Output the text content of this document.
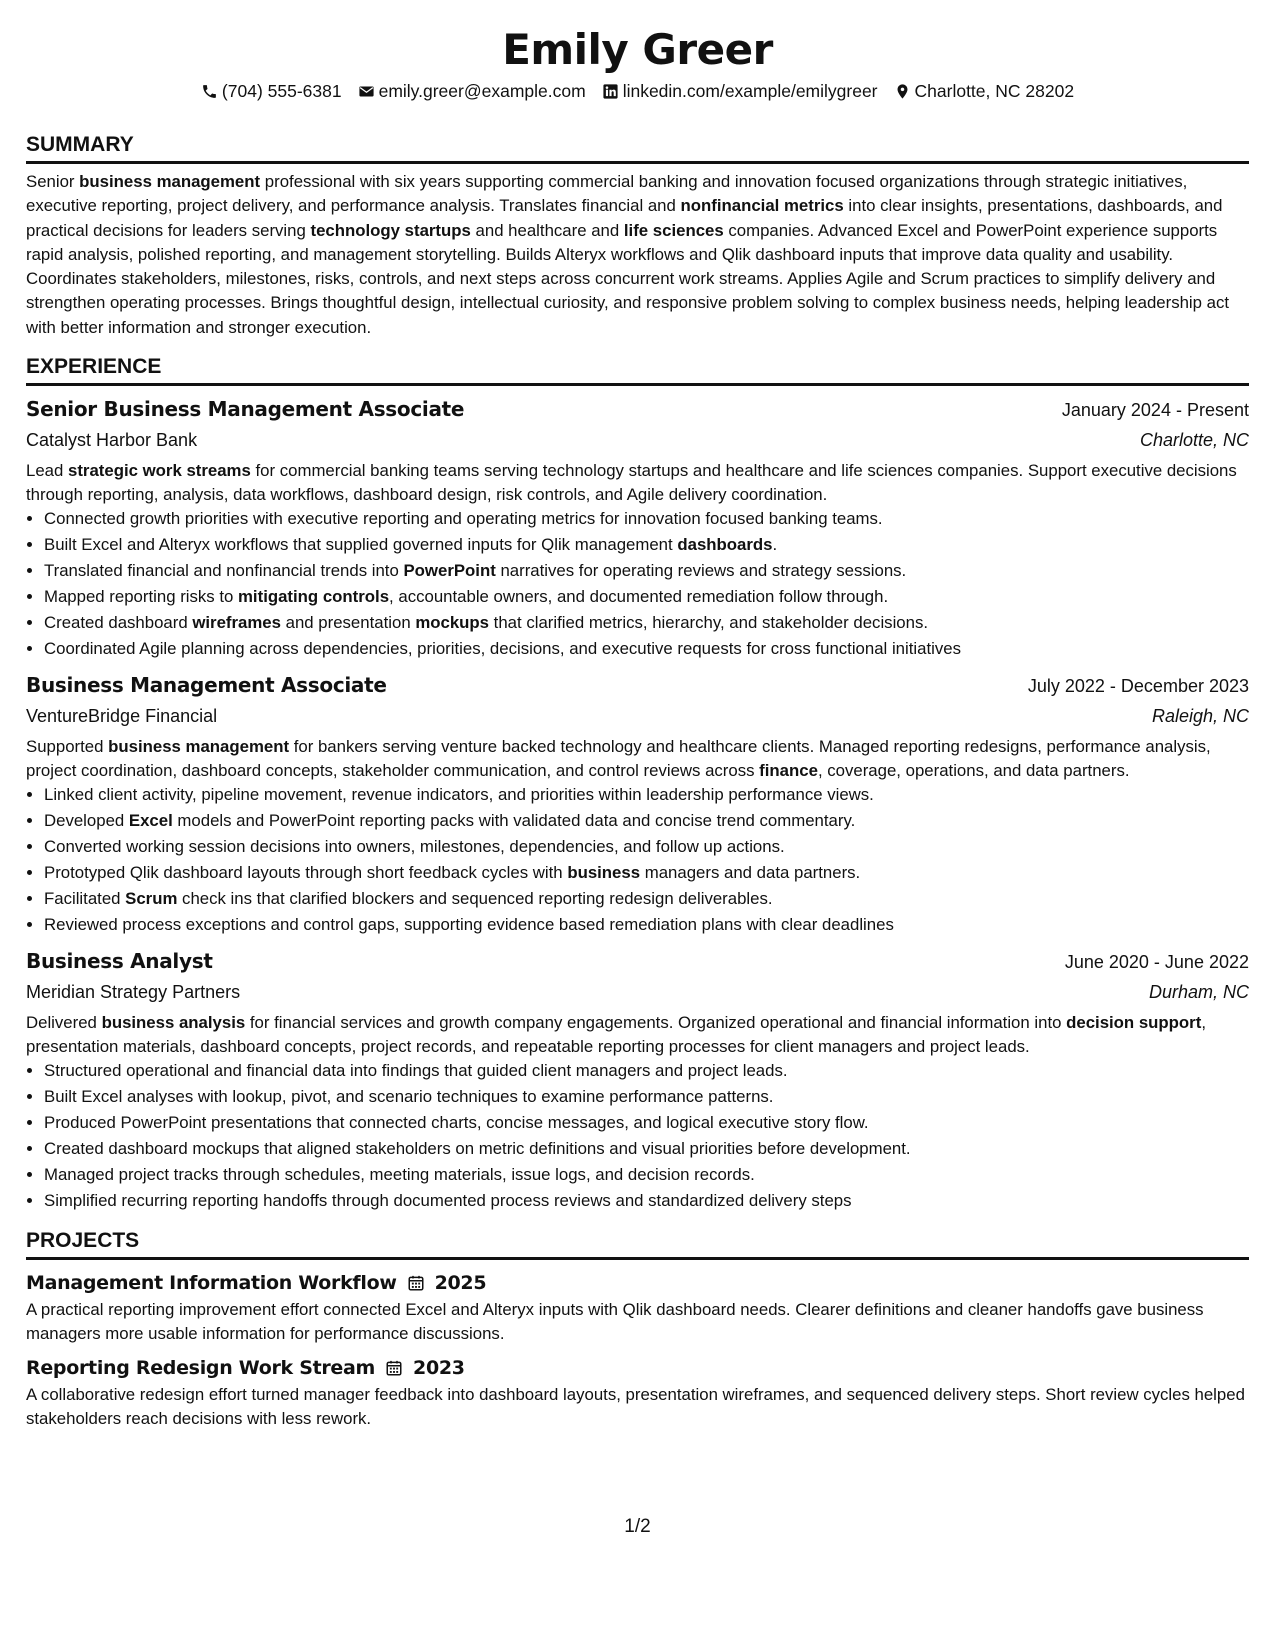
Emily Greer
(704) 555-6381 emily.greer@example.com linkedin.com/example/emilygreer Charlotte, NC 28202
SUMMARY
Senior business management professional with six years supporting commercial banking and innovation focused organizations through strategic initiatives, executive reporting, project delivery, and performance analysis. Translates financial and nonfinancial metrics into clear insights, presentations, dashboards, and practical decisions for leaders serving technology startups and healthcare and life sciences companies. Advanced Excel and PowerPoint experience supports rapid analysis, polished reporting, and management storytelling. Builds Alteryx workflows and Qlik dashboard inputs that improve data quality and usability. Coordinates stakeholders, milestones, risks, controls, and next steps across concurrent work streams. Applies Agile and Scrum practices to simplify delivery and strengthen operating processes. Brings thoughtful design, intellectual curiosity, and responsive problem solving to complex business needs, helping leadership act with better information and stronger execution.
EXPERIENCE
Senior Business Management Associate	January 2024 - Present
Catalyst Harbor Bank	Charlotte, NC
Lead strategic work streams for commercial banking teams serving technology startups and healthcare and life sciences companies. Support executive decisions through reporting, analysis, data workflows, dashboard design, risk controls, and Agile delivery coordination.
• Connected growth priorities with executive reporting and operating metrics for innovation focused banking teams.
• Built Excel and Alteryx workflows that supplied governed inputs for Qlik management dashboards.
• Translated financial and nonfinancial trends into PowerPoint narratives for operating reviews and strategy sessions.
• Mapped reporting risks to mitigating controls, accountable owners, and documented remediation follow through.
• Created dashboard wireframes and presentation mockups that clarified metrics, hierarchy, and stakeholder decisions.
• Coordinated Agile planning across dependencies, priorities, decisions, and executive requests for cross functional initiatives
Business Management Associate	July 2022 - December 2023
VentureBridge Financial	Raleigh, NC
Supported business management for bankers serving venture backed technology and healthcare clients. Managed reporting redesigns, performance analysis, project coordination, dashboard concepts, stakeholder communication, and control reviews across finance, coverage, operations, and data partners.
• Linked client activity, pipeline movement, revenue indicators, and priorities within leadership performance views.
• Developed Excel models and PowerPoint reporting packs with validated data and concise trend commentary.
• Converted working session decisions into owners, milestones, dependencies, and follow up actions.
• Prototyped Qlik dashboard layouts through short feedback cycles with business managers and data partners.
• Facilitated Scrum check ins that clarified blockers and sequenced reporting redesign deliverables.
• Reviewed process exceptions and control gaps, supporting evidence based remediation plans with clear deadlines
Business Analyst	June 2020 - June 2022
Meridian Strategy Partners	Durham, NC
Delivered business analysis for financial services and growth company engagements. Organized operational and financial information into decision support, presentation materials, dashboard concepts, project records, and repeatable reporting processes for client managers and project leads.
• Structured operational and financial data into findings that guided client managers and project leads.
• Built Excel analyses with lookup, pivot, and scenario techniques to examine performance patterns.
• Produced PowerPoint presentations that connected charts, concise messages, and logical executive story flow.
• Created dashboard mockups that aligned stakeholders on metric definitions and visual priorities before development.
• Managed project tracks through schedules, meeting materials, issue logs, and decision records.
• Simplified recurring reporting handoffs through documented process reviews and standardized delivery steps
PROJECTS
Management Information Workflow 2025
A practical reporting improvement effort connected Excel and Alteryx inputs with Qlik dashboard needs. Clearer definitions and cleaner handoffs gave business managers more usable information for performance discussions.
Reporting Redesign Work Stream 2023
A collaborative redesign effort turned manager feedback into dashboard layouts, presentation wireframes, and sequenced delivery steps. Short review cycles helped stakeholders reach decisions with less rework.
1/2
